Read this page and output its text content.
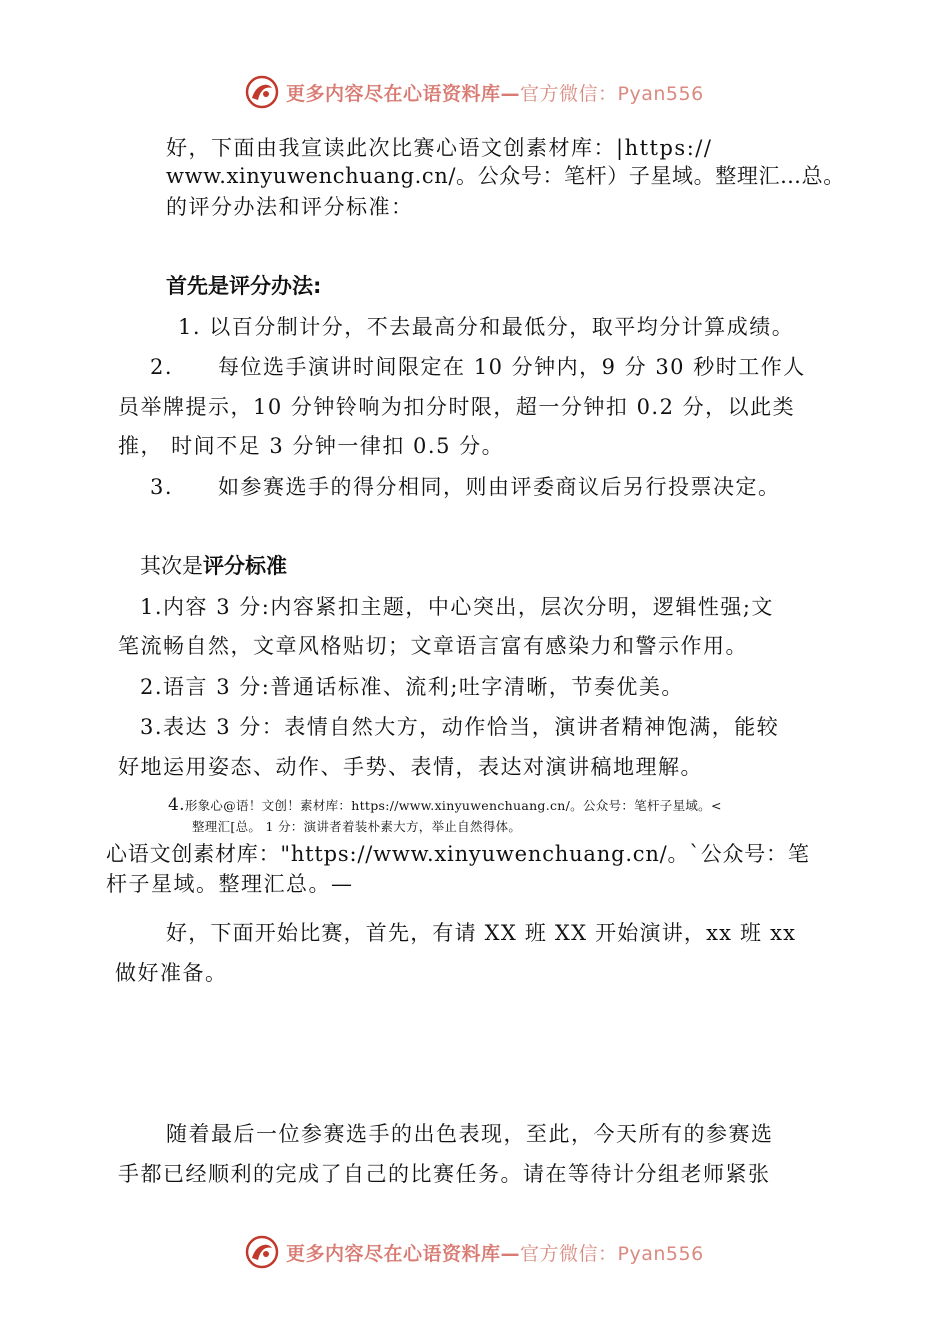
更多内容尽在心语资料库—官方微信：Pyan556
好，下面由我宣读此次比赛心语文创素材库：|https://
www.xinyuwenchuang.cn/。公众号：笔杆）子星域。整理汇…总。
的评分办法和评分标准：
首先是评分办法:
1. 以百分制计分，不去最高分和最低分，取平均分计算成绩。
2.　　每位选手演讲时间限定在 10 分钟内，9 分 30 秒时工作人
员举牌提示，10 分钟铃响为扣分时限，超一分钟扣 0.2 分，以此类
推， 时间不足 3 分钟一律扣 0.5 分。
3.　　如参赛选手的得分相同，则由评委商议后另行投票决定。
其次是评分标准
1.内容 3 分:内容紧扣主题，中心突出，层次分明，逻辑性强;文
笔流畅自然，文章风格贴切；文章语言富有感染力和警示作用。
2.语言 3 分:普通话标准、流利;吐字清晰，节奏优美。
3.表达 3 分：表情自然大方，动作恰当，演讲者精神饱满，能较
好地运用姿态、动作、手势、表情，表达对演讲稿地理解。
4.形象心@语！文创！素材库：https://www.xinyuwenchuang.cn/。公众号：笔杆子星域。<
整理汇[总。 1 分：演讲者着装朴素大方，举止自然得体。
心语文创素材库："https://www.xinyuwenchuang.cn/。`公众号：笔
杆子星域。整理汇总。—
好，下面开始比赛，首先，有请 XX 班 XX 开始演讲，xx 班 xx
做好准备。
随着最后一位参赛选手的出色表现，至此，今天所有的参赛选
手都已经顺利的完成了自己的比赛任务。请在等待计分组老师紧张
更多内容尽在心语资料库—官方微信：Pyan556
